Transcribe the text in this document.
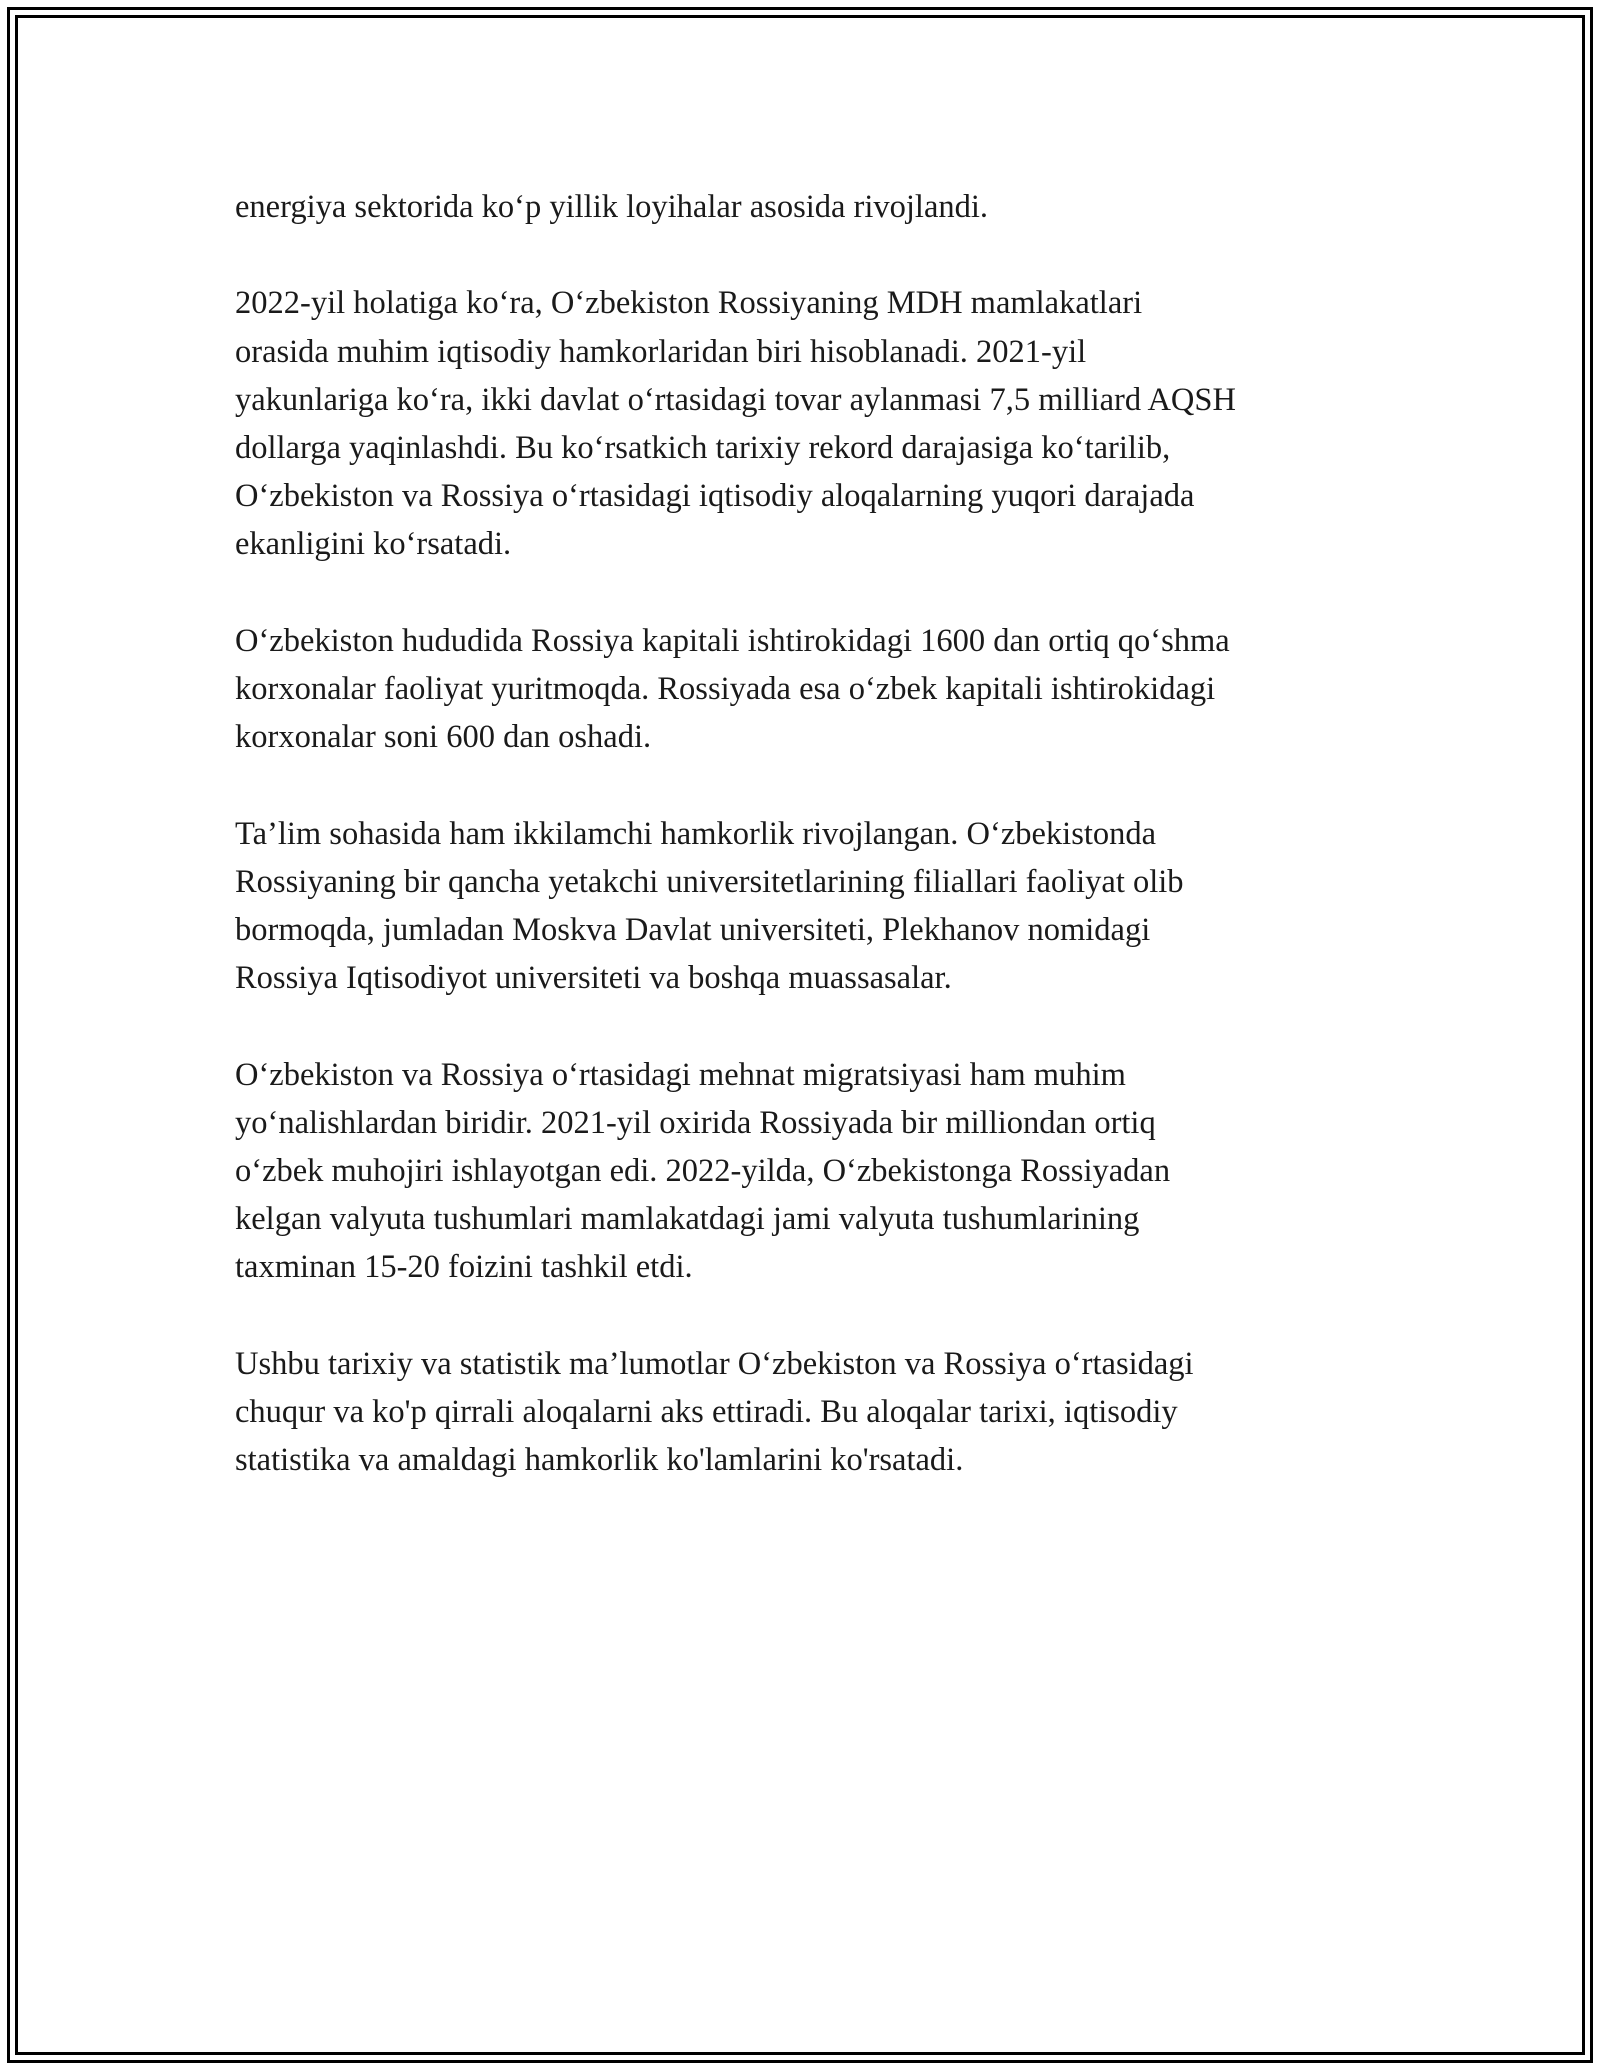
energiya sektorida ko‘p yillik loyihalar asosida rivojlandi.

2022-yil holatiga ko‘ra, O‘zbekiston Rossiyaning MDH mamlakatlari
orasida muhim iqtisodiy hamkorlaridan biri hisoblanadi. 2021-yil
yakunlariga ko‘ra, ikki davlat o‘rtasidagi tovar aylanmasi 7,5 milliard AQSH
dollarga yaqinlashdi. Bu ko‘rsatkich tarixiy rekord darajasiga ko‘tarilib,
O‘zbekiston va Rossiya o‘rtasidagi iqtisodiy aloqalarning yuqori darajada
ekanligini ko‘rsatadi.

O‘zbekiston hududida Rossiya kapitali ishtirokidagi 1600 dan ortiq qo‘shma
korxonalar faoliyat yuritmoqda. Rossiyada esa o‘zbek kapitali ishtirokidagi
korxonalar soni 600 dan oshadi.

Ta’lim sohasida ham ikkilamchi hamkorlik rivojlangan. O‘zbekistonda
Rossiyaning bir qancha yetakchi universitetlarining filiallari faoliyat olib
bormoqda, jumladan Moskva Davlat universiteti, Plekhanov nomidagi
Rossiya Iqtisodiyot universiteti va boshqa muassasalar.

O‘zbekiston va Rossiya o‘rtasidagi mehnat migratsiyasi ham muhim
yo‘nalishlardan biridir. 2021-yil oxirida Rossiyada bir milliondan ortiq
o‘zbek muhojiri ishlayotgan edi. 2022-yilda, O‘zbekistonga Rossiyadan
kelgan valyuta tushumlari mamlakatdagi jami valyuta tushumlarining
taxminan 15-20 foizini tashkil etdi.

Ushbu tarixiy va statistik ma’lumotlar O‘zbekiston va Rossiya o‘rtasidagi
chuqur va ko'p qirrali aloqalarni aks ettiradi. Bu aloqalar tarixi, iqtisodiy
statistika va amaldagi hamkorlik ko'lamlarini ko'rsatadi.
